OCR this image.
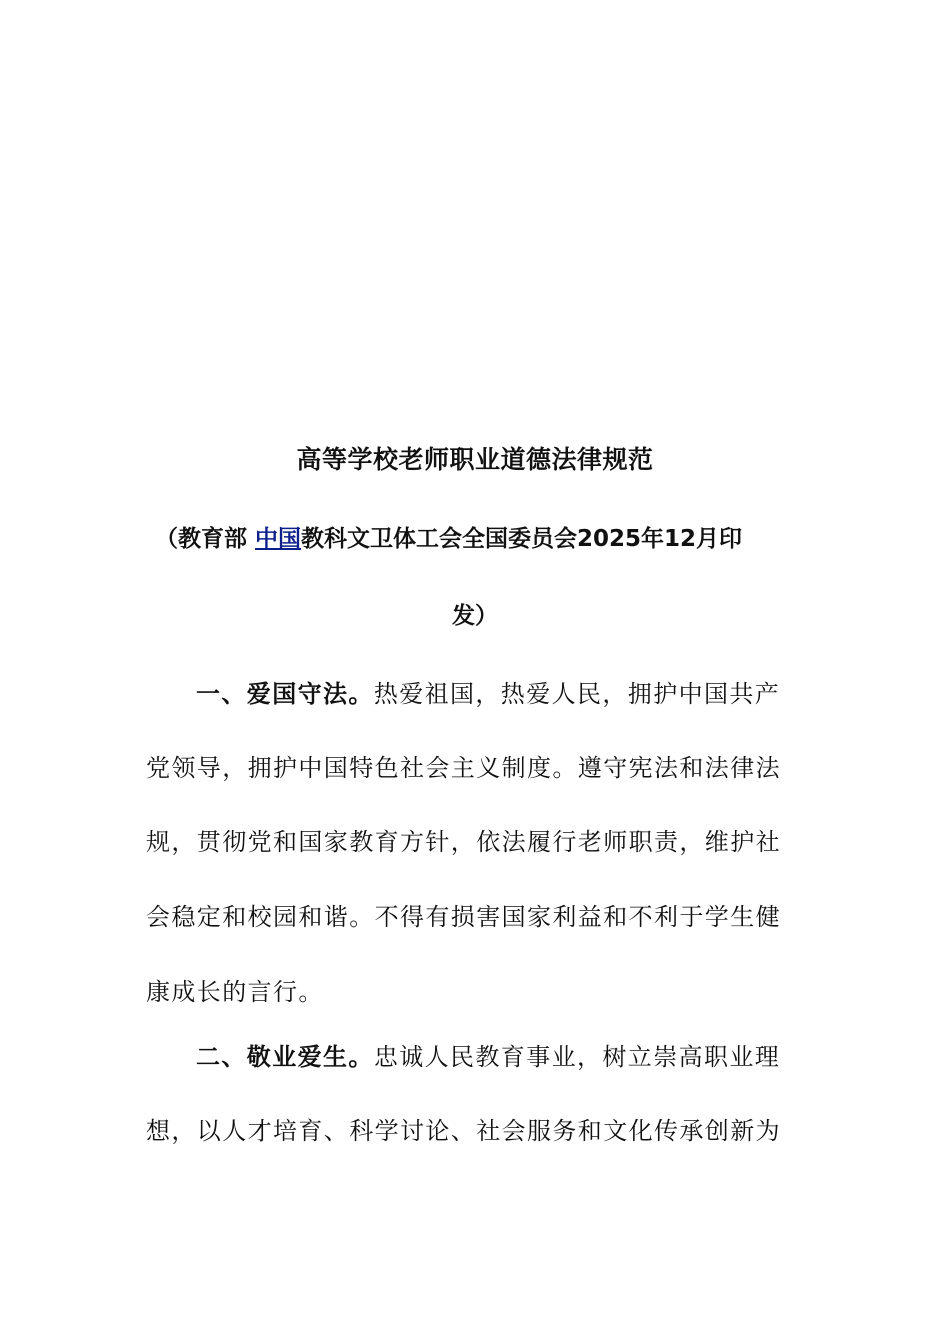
高等学校老师职业道德法律规范
（教育部 中国教科文卫体工会全国委员会2025年12月印
发）
一、爱国守法。热爱祖国，热爱人民，拥护中国共产
党领导，拥护中国特色社会主义制度。遵守宪法和法律法
规，贯彻党和国家教育方针，依法履行老师职责，维护社
会稳定和校园和谐。不得有损害国家利益和不利于学生健
康成长的言行。
二、敬业爱生。忠诚人民教育事业，树立崇高职业理
想，以人才培育、科学讨论、社会服务和文化传承创新为
